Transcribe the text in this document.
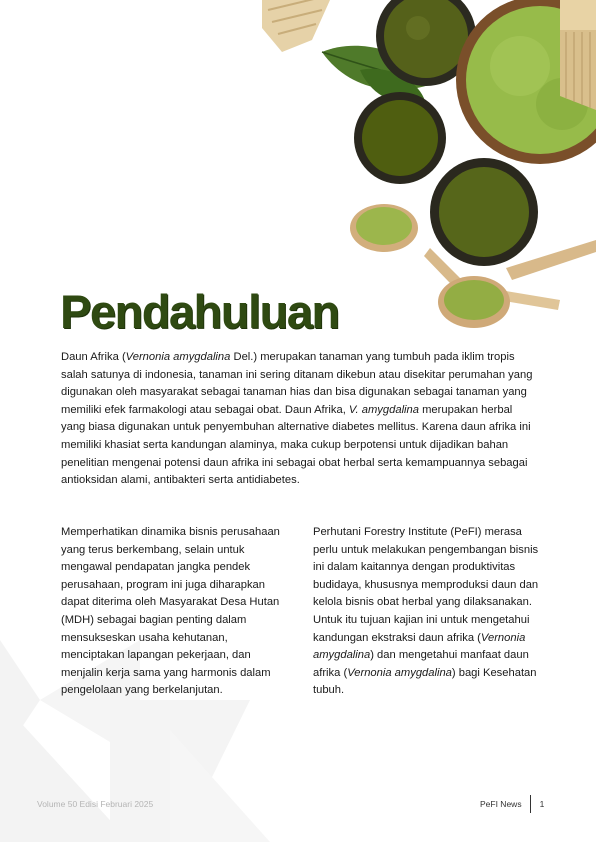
Pendahuluan

Daun Afrika (Vernonia amygdalina Del.) merupakan tanaman yang tumbuh pada iklim tropis salah satunya di indonesia, tanaman ini sering ditanam dikebun atau disekitar perumahan yang digunakan oleh masyarakat sebagai tanaman hias dan bisa digunakan sebagai tanaman yang memiliki efek farmakologi atau sebagai obat. Daun Afrika, V. amygdalina merupakan herbal yang biasa digunakan untuk penyembuhan alternative diabetes mellitus. Karena daun afrika ini memiliki khasiat serta kandungan alaminya, maka cukup berpotensi untuk dijadikan bahan penelitian mengenai potensi daun afrika ini sebagai obat herbal serta kemampuannya sebagai antioksidan alami, antibakteri serta antidiabetes.

Memperhatikan dinamika bisnis perusahaan yang terus berkembang, selain untuk mengawal pendapatan jangka pendek perusahaan, program ini juga diharapkan dapat diterima oleh Masyarakat Desa Hutan (MDH) sebagai bagian penting dalam mensukseskan usaha kehutanan, menciptakan lapangan pekerjaan, dan menjalin kerja sama yang harmonis dalam pengelolaan yang berkelanjutan.

Perhutani Forestry Institute (PeFI) merasa perlu untuk melakukan pengembangan bisnis ini dalam kaitannya dengan produktivitas budidaya, khususnya memproduksi daun dan kelola bisnis obat herbal yang dilaksanakan. Untuk itu tujuan kajian ini untuk mengetahui kandungan ekstraksi daun afrika (Vernonia amygdalina) dan mengetahui manfaat daun afrika (Vernonia amygdalina) bagi Kesehatan tubuh.

Volume 50 Edisi Februari 2025	PeFI News 1
